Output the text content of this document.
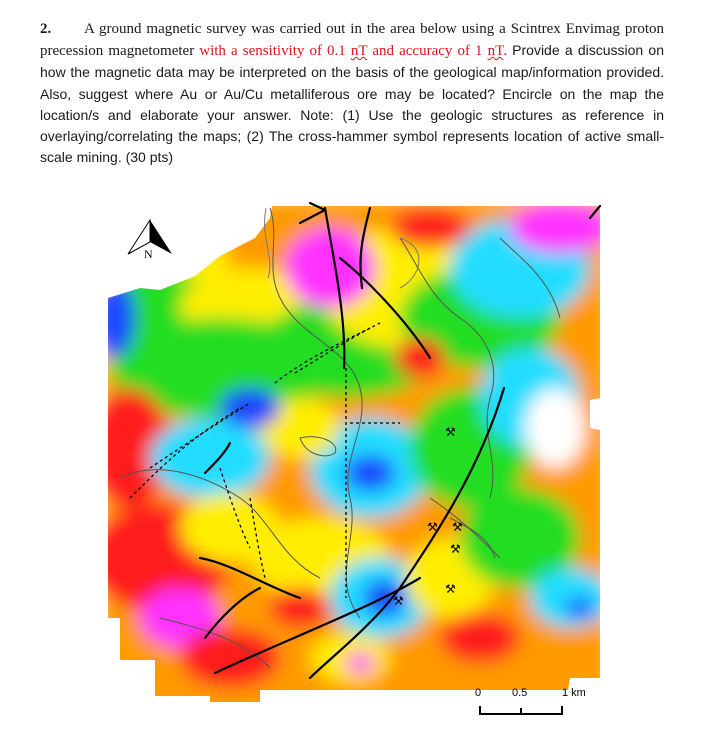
2. A ground magnetic survey was carried out in the area below using a Scintrex Envimag proton precession magnetometer with a sensitivity of 0.1 nT and accuracy of 1 nT. Provide a discussion on how the magnetic data may be interpreted on the basis of the geological map/information provided. Also, suggest where Au or Au/Cu metalliferous ore may be located? Encircle on the map the location/s and elaborate your answer. Note: (1) Use the geologic structures as reference in overlaying/correlating the maps; (2) The cross-hammer symbol represents location of active small-scale mining. (30 pts)
⚒
⚒ ⚒
⚒
⚒
⚒
N
0	0.5	1 km
